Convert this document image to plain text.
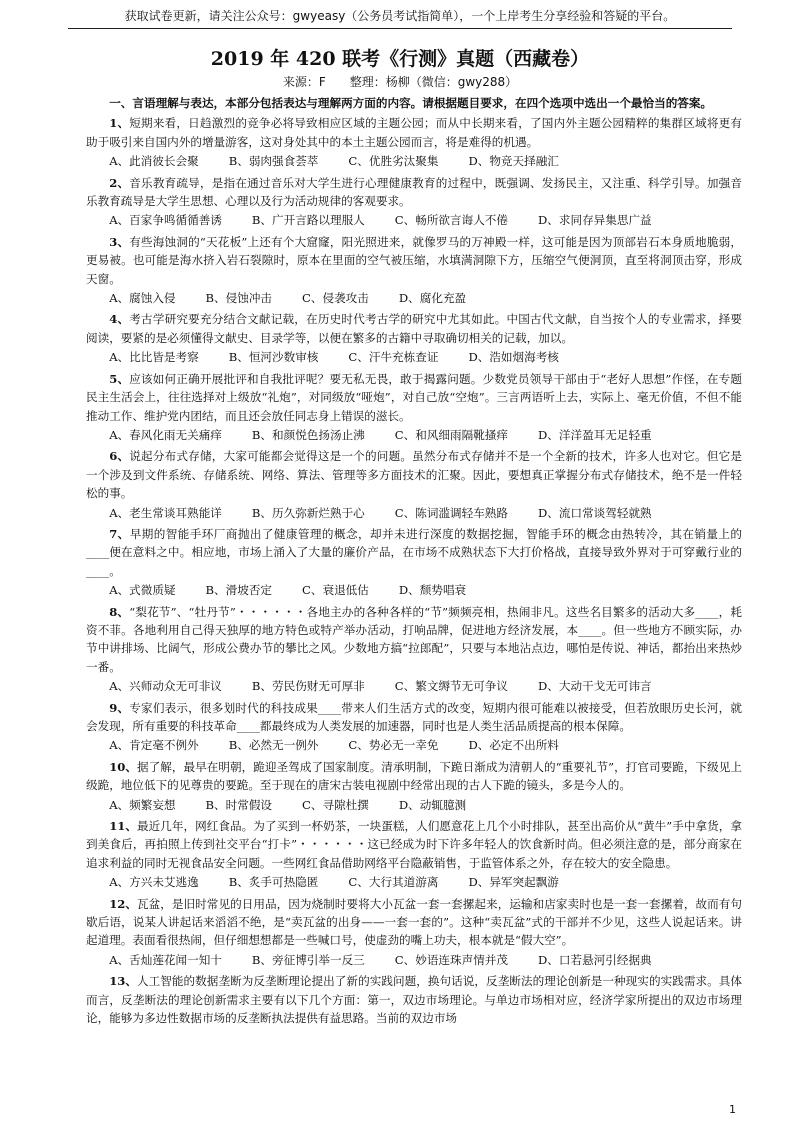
获取试卷更新，请关注公众号：gwyeasy（公务员考试指简单），一个上岸考生分享经验和答疑的平台。
2019 年 420 联考《行测》真题（西藏卷）
来源：F　　整理：杨柳（微信：gwy288）
一、言语理解与表达，本部分包括表达与理解两方面的内容。请根据题目要求，在四个选项中选出一个最恰当的答案。
1、短期来看，日趋激烈的竞争必将导致相应区域的主题公园；而从中长期来看，了国内外主题公园精粹的集群区域将更有助于吸引来自国内外的增量游客，这对身处其中的本土主题公园而言，将是难得的机遇。
A、此消彼长会聚	B、弱肉强食荟萃	C、优胜劣汰聚集	D、物竞天择融汇
2、音乐教育疏导，是指在通过音乐对大学生进行心理健康教育的过程中，既强调、发扬民主，又注重、科学引导。加强音乐教育疏导是大学生思想、心理以及行为活动规律的客观要求。
A、百家争鸣循循善诱	B、广开言路以理服人	C、畅所欲言诲人不倦	D、求同存异集思广益
3、有些海蚀洞的“天花板”上还有个大窟窿，阳光照进来，就像罗马的万神殿一样，这可能是因为顶部岩石本身质地脆弱，更易被。也可能是海水挤入岩石裂隙时，原本在里面的空气被压缩，水填满洞隙下方，压缩空气便洞顶，直至将洞顶击穿，形成天窗。
A、腐蚀入侵	B、侵蚀冲击	C、侵袭攻击	D、腐化充盈
4、考古学研究要充分结合文献记载，在历史时代考古学的研究中尤其如此。中国古代文献，自当按个人的专业需求，择要阅读，要紧的是必须懂得文献史、目录学等，以便在繁多的古籍中寻取确切相关的记载，加以。
A、比比皆是考察	B、恒河沙数审核	C、汗牛充栋查证	D、浩如烟海考核
5、应该如何正确开展批评和自我批评呢？要无私无畏，敢于揭露问题。少数党员领导干部由于“老好人思想”作怪，在专题民主生活会上，往往选择对上级放“礼炮”，对同级放“哑炮”，对自己放“空炮”。三言两语听上去，实际上、毫无价值，不但不能推动工作、维护党内团结，而且还会放任同志身上错误的滋长。
A、春风化雨无关痛痒	B、和颜悦色扬汤止沸	C、和风细雨隔靴搔痒	D、洋洋盈耳无足轻重
6、说起分布式存储，大家可能都会觉得这是一个的问题。虽然分布式存储并不是一个全新的技术，许多人也对它。但它是一个涉及到文件系统、存储系统、网络、算法、管理等多方面技术的汇聚。因此，要想真正掌握分布式存储技术，绝不是一件轻松的事。
A、老生常谈耳熟能详	B、历久弥新烂熟于心	C、陈词滥调轻车熟路	D、流口常谈驾轻就熟
7、早期的智能手环厂商抛出了健康管理的概念，却并未进行深度的数据挖掘，智能手环的概念由热转冷，其在销量上的____便在意料之中。相应地，市场上涌入了大量的廉价产品，在市场不成熟状态下大打价格战，直接导致外界对于可穿戴行业的____。
A、式微质疑	B、滑坡否定	C、衰退低估	D、颓势唱衰
8、“梨花节”、“牡丹节”・・・・・・各地主办的各种各样的“节”频频亮相，热闹非凡。这些名目繁多的活动大多____，耗资不菲。各地利用自己得天独厚的地方特色或特产举办活动，打响品牌，促进地方经济发展，本____。但一些地方不顾实际，办节中讲排场、比阔气，形成公费办节的攀比之风。少数地方搞“拉郎配”，只要与本地沾点边，哪怕是传说、神话，都抬出来热炒一番。
A、兴师动众无可非议	B、劳民伤财无可厚非	C、繁文缛节无可争议	D、大动干戈无可讳言
9、专家们表示，很多划时代的科技成果____带来人们生活方式的改变，短期内很可能难以被接受，但若放眼历史长河，就会发现，所有重要的科技革命____都最终成为人类发展的加速器，同时也是人类生活品质提高的根本保障。
A、肯定毫不例外	B、必然无一例外	C、势必无一幸免	D、必定不出所料
10、据了解，最早在明朝，跪迎圣驾成了国家制度。清承明制，下跪日渐成为清朝人的“重要礼节”，打官司要跪，下级见上级跪，地位低下的见尊贵的要跪。至于现在的唐宋古装电视剧中经常出现的古人下跪的镜头，多是今人的。
A、频繁妄想	B、时常假设	C、寻隙杜撰	D、动辄臆测
11、最近几年，网红食品。为了买到一杯奶茶，一块蛋糕，人们愿意花上几个小时排队，甚至出高价从“黄牛”手中拿货，拿到美食后，再拍照上传到社交平台“打卡”・・・・・・这已经成为时下许多年轻人的饮食新时尚。但必须注意的是，部分商家在追求利益的同时无视食品安全问题。一些网红食品借助网络平台隐蔽销售，于监管体系之外，存在较大的安全隐患。
A、方兴未艾逃逸	B、炙手可热隐匿	C、大行其道游离	D、异军突起飘游
12、瓦盆，是旧时常见的日用品，因为烧制时要将大小瓦盆一套一套摞起来，运输和店家卖时也是一套一套摞着，故而有句歇后语，说某人讲起话来滔滔不绝，是“卖瓦盆的出身——一套一套的”。这种“卖瓦盆”式的干部并不少见，这些人说起话来。讲起道理。表面看很热闹，但仔细想想都是一些喊口号，使虚劲的嘴上功夫，根本就是“假大空”。
A、舌灿莲花闻一知十	B、旁征博引举一反三	C、妙语连珠声情并茂	D、口若悬河引经据典
13、人工智能的数据垄断为反垄断理论提出了新的实践问题，换句话说，反垄断法的理论创新是一种现实的实践需求。具体而言，反垄断法的理论创新需求主要有以下几个方面：第一，双边市场理论。与单边市场相对应，经济学家所提出的双边市场理论，能够为多边性数据市场的反垄断执法提供有益思路。当前的双边市场
1
